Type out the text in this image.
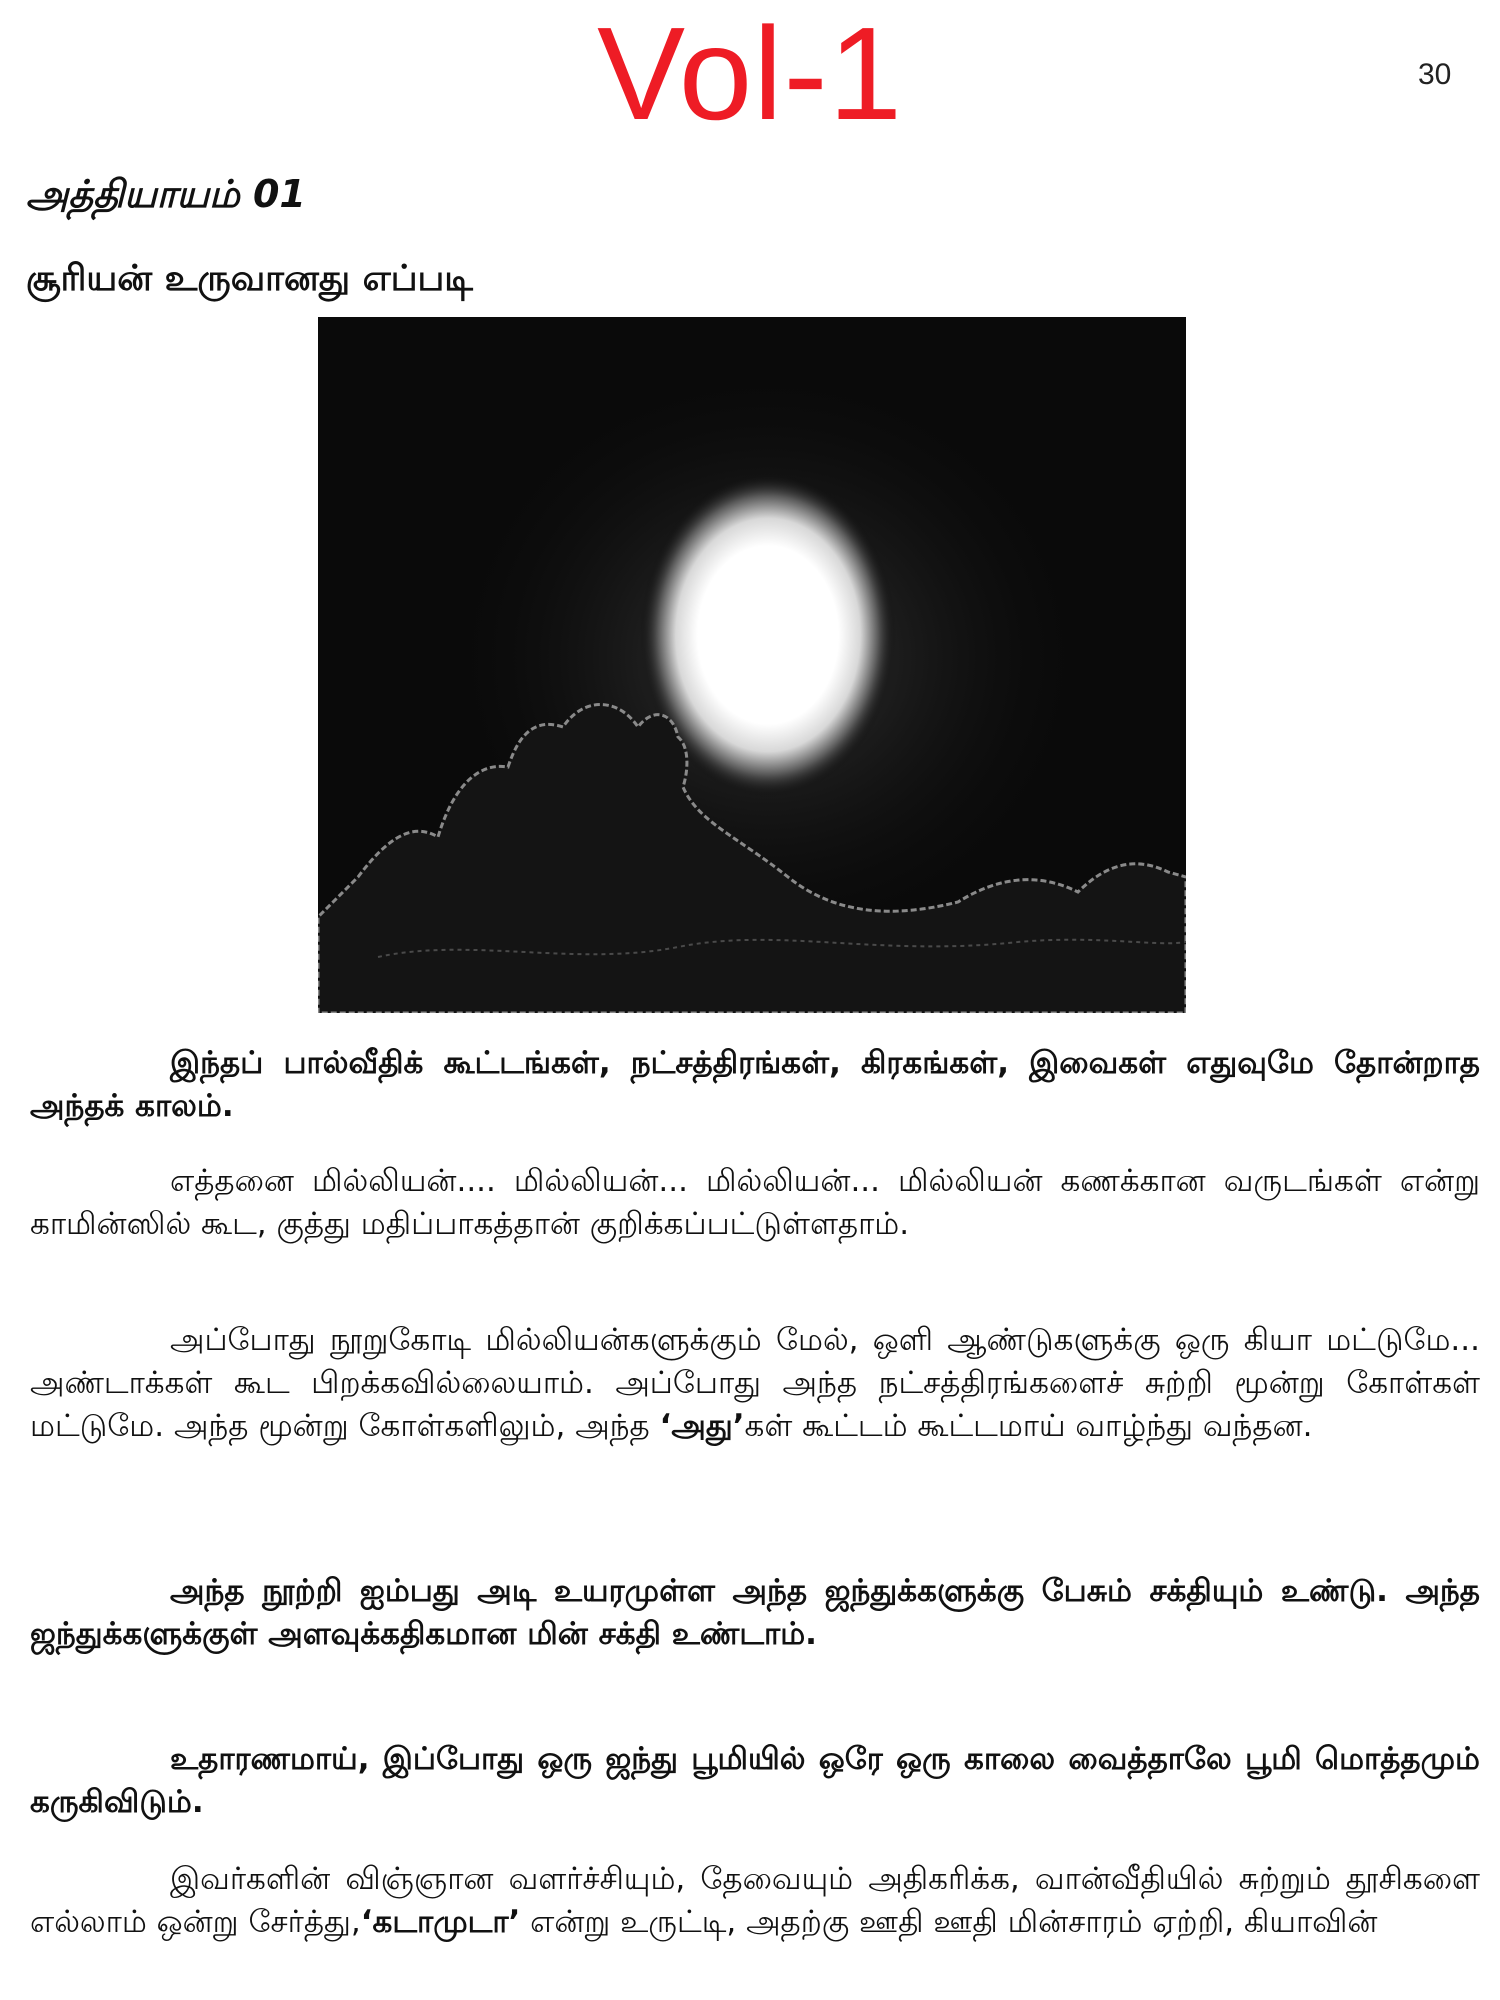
Vol-1	30
அத்தியாயம் 01
சூரியன் உருவானது எப்படி

இந்தப் பால்வீதிக் கூட்டங்கள், நட்சத்திரங்கள், கிரகங்கள், இவைகள் எதுவுமே தோன்றாத அந்தக் காலம்.

எத்தனை மில்லியன்.... மில்லியன்... மில்லியன்... மில்லியன் கணக்கான வருடங்கள் என்று காமின்ஸில் கூட, குத்து மதிப்பாகத்தான் குறிக்கப்பட்டுள்ளதாம்.

அப்போது நூறுகோடி மில்லியன்களுக்கும் மேல், ஒளி ஆண்டுகளுக்கு ஒரு கியா மட்டுமே... அண்டாக்கள் கூட பிறக்கவில்லையாம். அப்போது அந்த நட்சத்திரங்களைச் சுற்றி மூன்று கோள்கள் மட்டுமே. அந்த மூன்று கோள்களிலும், அந்த ‘அது’கள் கூட்டம் கூட்டமாய் வாழ்ந்து வந்தன.

அந்த நூற்றி ஐம்பது அடி உயரமுள்ள அந்த ஜந்துக்களுக்கு பேசும் சக்தியும் உண்டு. அந்த ஜந்துக்களுக்குள் அளவுக்கதிகமான மின் சக்தி உண்டாம்.

உதாரணமாய், இப்போது ஒரு ஜந்து பூமியில் ஒரே ஒரு காலை வைத்தாலே பூமி மொத்தமும் கருகிவிடும்.

இவர்களின் விஞ்ஞான வளர்ச்சியும், தேவையும் அதிகரிக்க, வான்வீதியில் சுற்றும் தூசிகளை எல்லாம் ஒன்று சேர்த்து,‘கடாமுடா’ என்று உருட்டி, அதற்கு ஊதி ஊதி மின்சாரம் ஏற்றி, கியாவின்
